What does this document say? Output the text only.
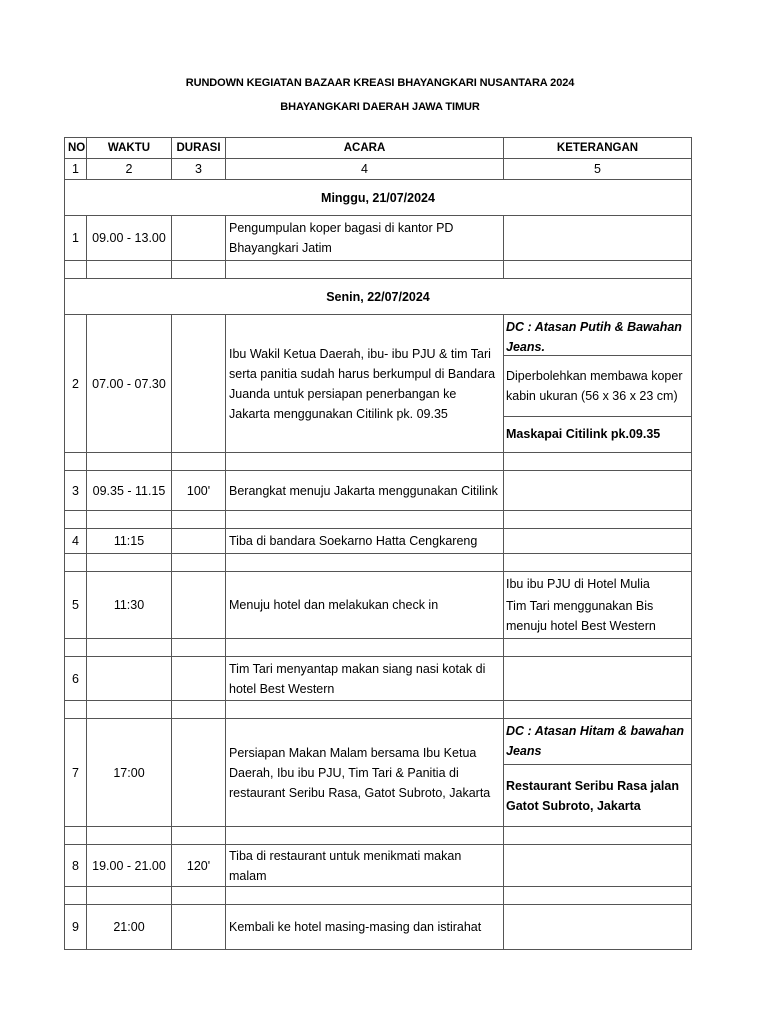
RUNDOWN KEGIATAN BAZAAR KREASI BHAYANGKARI NUSANTARA 2024
BHAYANGKARI DAERAH JAWA TIMUR
NO	WAKTU	DURASI	ACARA	KETERANGAN
1	2	3	4	5
Minggu, 21/07/2024				
1	09.00 - 13.00		Pengumpulan koper bagasi di kantor PD Bhayangkari Jatim	

Senin, 22/07/2024				
2	07.00 - 07.30		Ibu Wakil Ketua Daerah, ibu- ibu PJU & tim Tari serta panitia sudah harus berkumpul di Bandara Juanda untuk persiapan penerbangan ke Jakarta menggunakan Citilink pk. 09.35	DC : Atasan Putih & Bawahan Jeans.
Diperbolehkan membawa koper kabin ukuran (56 x 36 x 23 cm)
Maskapai Citilink pk.09.35

3	09.35 - 11.15	100'	Berangkat menuju Jakarta menggunakan Citilink	

4	11:15		Tiba di bandara Soekarno Hatta Cengkareng	

5	11:30		Menuju hotel dan melakukan check in	Ibu ibu PJU di Hotel Mulia
Tim Tari menggunakan Bis menuju hotel Best Western

6			Tim Tari menyantap makan siang nasi kotak di hotel Best Western	

7	17:00		Persiapan Makan Malam bersama Ibu Ketua Daerah, Ibu ibu PJU, Tim Tari & Panitia di restaurant Seribu Rasa, Gatot Subroto, Jakarta	DC : Atasan Hitam & bawahan Jeans
Restaurant Seribu Rasa jalan Gatot Subroto, Jakarta

8	19.00 - 21.00	120'	Tiba di restaurant untuk menikmati makan malam	

9	21:00		Kembali ke hotel masing-masing dan istirahat	
